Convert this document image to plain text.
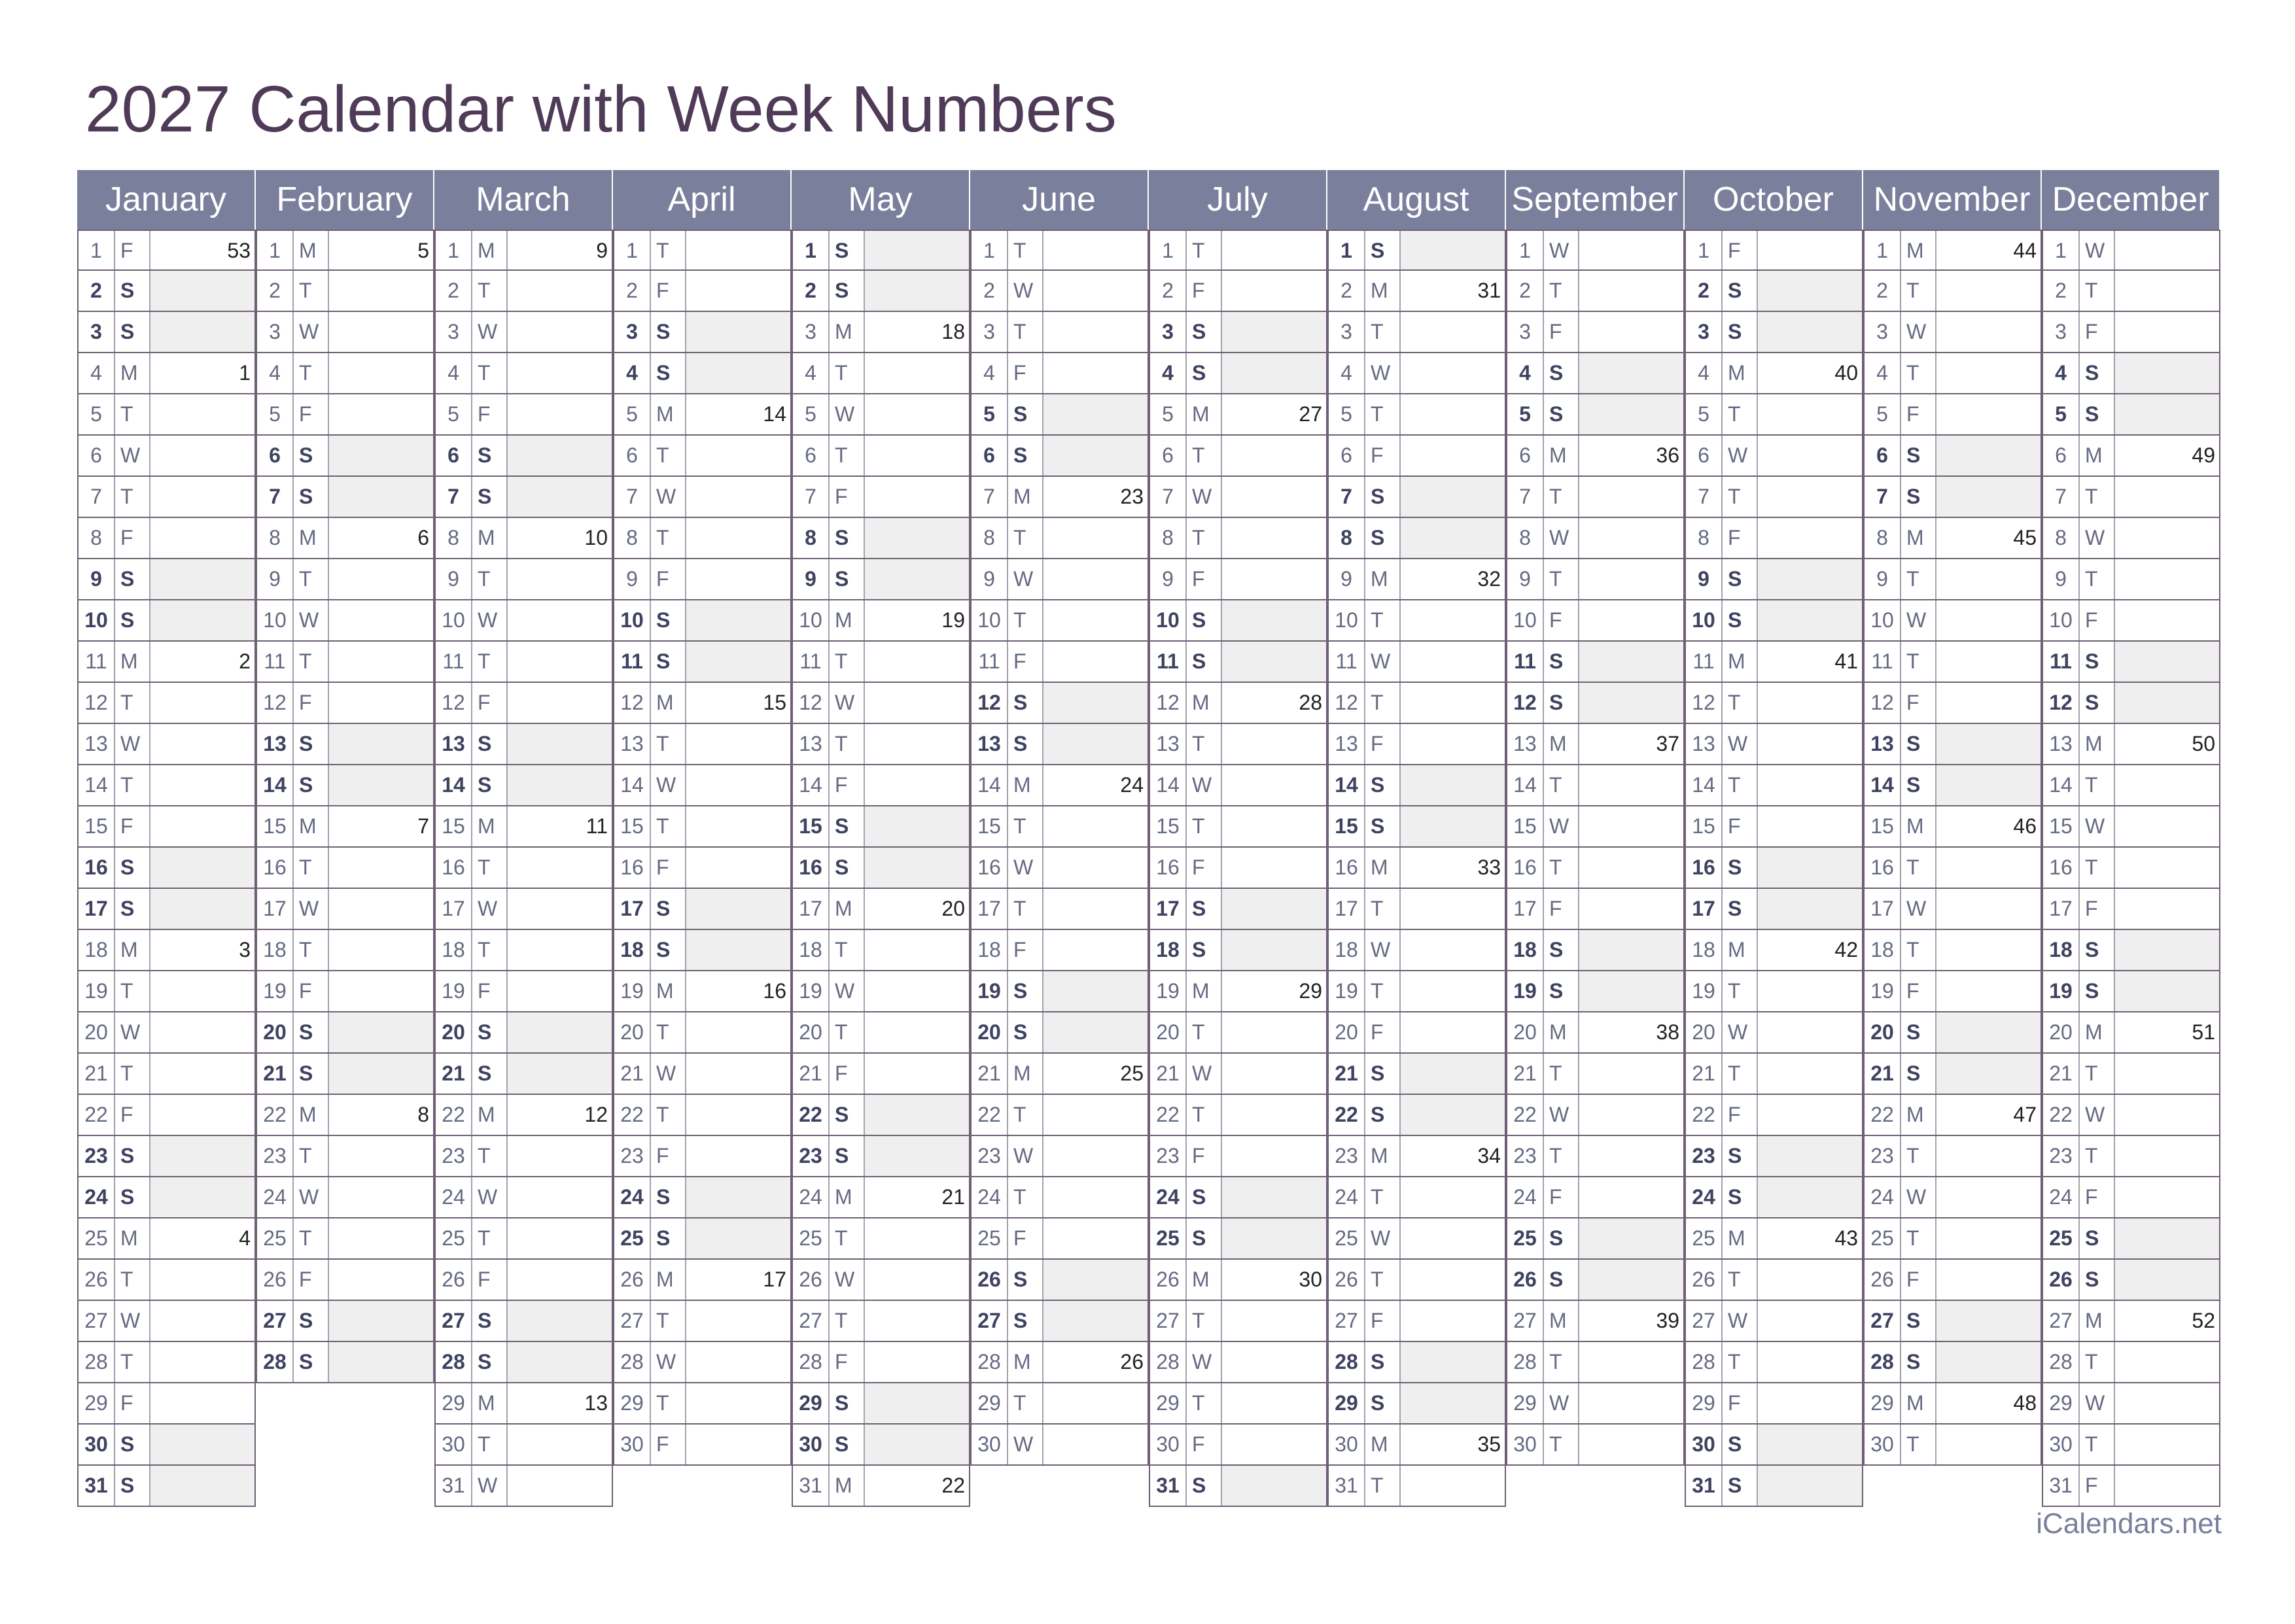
2027 Calendar with Week Numbers
January
1 F	53
2 S
3 S
4 M	1
5 T
6 W
7 T
8 F
9 S
10 S
11 M	2
12 T
13 W
14 T
15 F
16 S
17 S
18 M	3
19 T
20 W
21 T
22 F
23 S
24 S
25 M	4
26 T
27 W
28 T
29 F
30 S
31 S
February
1 M	5
2 T
3 W
4 T
5 F
6 S
7 S
8 M	6
9 T
10 W
11 T
12 F
13 S
14 S
15 M	7
16 T
17 W
18 T
19 F
20 S
21 S
22 M	8
23 T
24 W
25 T
26 F
27 S
28 S
March
1 M	9
2 T
3 W
4 T
5 F
6 S
7 S
8 M	10
9 T
10 W
11 T
12 F
13 S
14 S
15 M	11
16 T
17 W
18 T
19 F
20 S
21 S
22 M	12
23 T
24 W
25 T
26 F
27 S
28 S
29 M	13
30 T
31 W
April
1 T
2 F
3 S
4 S
5 M	14
6 T
7 W
8 T
9 F
10 S
11 S
12 M	15
13 T
14 W
15 T
16 F
17 S
18 S
19 M	16
20 T
21 W
22 T
23 F
24 S
25 S
26 M	17
27 T
28 W
29 T
30 F
May
1 S
2 S
3 M	18
4 T
5 W
6 T
7 F
8 S
9 S
10 M	19
11 T
12 W
13 T
14 F
15 S
16 S
17 M	20
18 T
19 W
20 T
21 F
22 S
23 S
24 M	21
25 T
26 W
27 T
28 F
29 S
30 S
31 M	22
June
1 T
2 W
3 T
4 F
5 S
6 S
7 M	23
8 T
9 W
10 T
11 F
12 S
13 S
14 M	24
15 T
16 W
17 T
18 F
19 S
20 S
21 M	25
22 T
23 W
24 T
25 F
26 S
27 S
28 M	26
29 T
30 W
July
1 T
2 F
3 S
4 S
5 M	27
6 T
7 W
8 T
9 F
10 S
11 S
12 M	28
13 T
14 W
15 T
16 F
17 S
18 S
19 M	29
20 T
21 W
22 T
23 F
24 S
25 S
26 M	30
27 T
28 W
29 T
30 F
31 S
August
1 S
2 M	31
3 T
4 W
5 T
6 F
7 S
8 S
9 M	32
10 T
11 W
12 T
13 F
14 S
15 S
16 M	33
17 T
18 W
19 T
20 F
21 S
22 S
23 M	34
24 T
25 W
26 T
27 F
28 S
29 S
30 M	35
31 T
September
1 W
2 T
3 F
4 S
5 S
6 M	36
7 T
8 W
9 T
10 F
11 S
12 S
13 M	37
14 T
15 W
16 T
17 F
18 S
19 S
20 M	38
21 T
22 W
23 T
24 F
25 S
26 S
27 M	39
28 T
29 W
30 T
October
1 F
2 S
3 S
4 M	40
5 T
6 W
7 T
8 F
9 S
10 S
11 M	41
12 T
13 W
14 T
15 F
16 S
17 S
18 M	42
19 T
20 W
21 T
22 F
23 S
24 S
25 M	43
26 T
27 W
28 T
29 F
30 S
31 S
November
1 M	44
2 T
3 W
4 T
5 F
6 S
7 S
8 M	45
9 T
10 W
11 T
12 F
13 S
14 S
15 M	46
16 T
17 W
18 T
19 F
20 S
21 S
22 M	47
23 T
24 W
25 T
26 F
27 S
28 S
29 M	48
30 T
December
1 W
2 T
3 F
4 S
5 S
6 M	49
7 T
8 W
9 T
10 F
11 S
12 S
13 M	50
14 T
15 W
16 T
17 F
18 S
19 S
20 M	51
21 T
22 W
23 T
24 F
25 S
26 S
27 M	52
28 T
29 W
30 T
31 F
iCalendars.net
